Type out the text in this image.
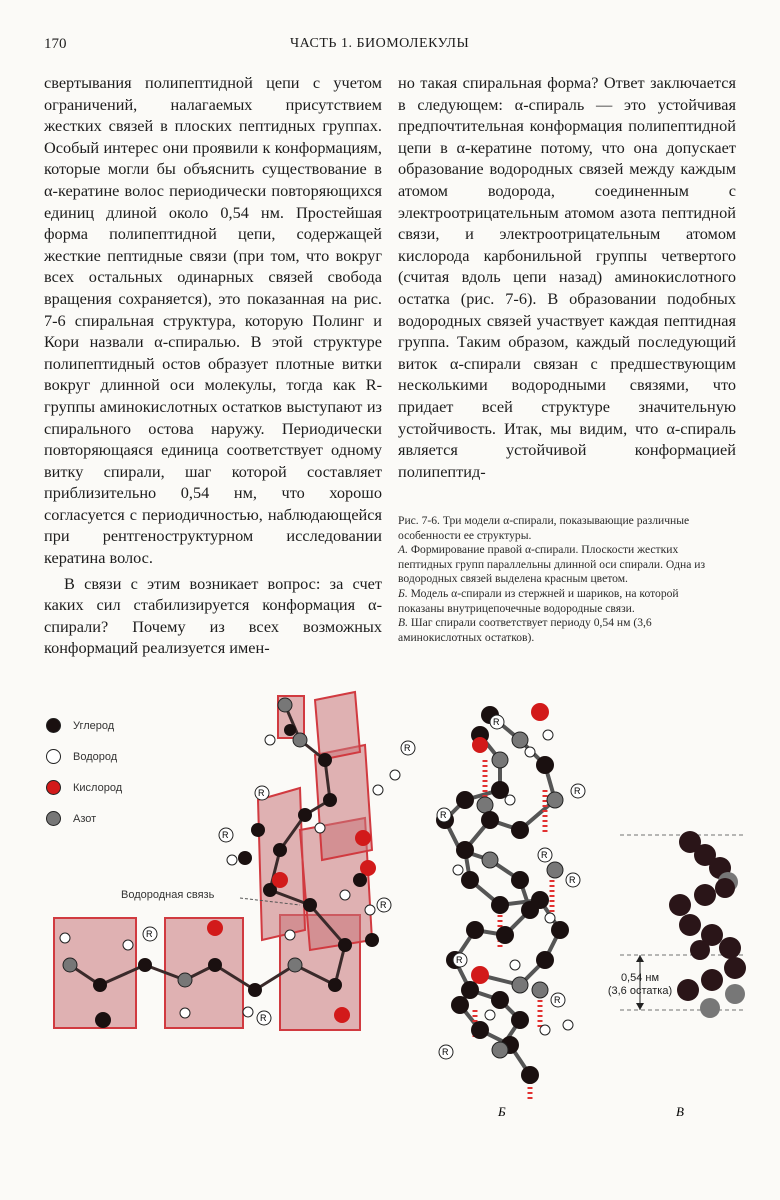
170	ЧАСТЬ 1. БИОМОЛЕКУЛЫ

свертывания полипептидной цепи с учетом ограничений, налагаемых присутствием жестких связей в плоских пептидных группах. Особый интерес они проявили к конформациям, которые могли бы объяснить существование в α-кератине волос периодически повторяющихся единиц длиной около 0,54 нм. Простейшая форма полипептидной цепи, содержащей жесткие пептидные связи (при том, что вокруг всех остальных одинарных связей свобода вращения сохраняется), это показанная на рис. 7-6 спиральная структура, которую Полинг и Кори назвали α-спиралью. В этой структуре полипептидный остов образует плотные витки вокруг длинной оси молекулы, тогда как R-группы аминокислотных остатков выступают из спирального остова наружу. Периодически повторяющаяся единица соответствует одному витку спирали, шаг которой составляет приблизительно 0,54 нм, что хорошо согласуется с периодичностью, наблюдающейся при рентгеноструктурном исследовании кератина волос.

В связи с этим возникает вопрос: за счет каких сил стабилизируется конформация α-спирали? Почему из всех возможных конформаций реализуется имен-

но такая спиральная форма? Ответ заключается в следующем: α-спираль — это устойчивая предпочтительная конформация полипептидной цепи в α-кератине потому, что она допускает образование водородных связей между каждым атомом водорода, соединенным с электроотрицательным атомом азота пептидной связи, и электроотрицательным атомом кислорода карбонильной группы четвертого (считая вдоль цепи назад) аминокислотного остатка (рис. 7-6). В образовании подобных водородных связей участвует каждая пептидная группа. Таким образом, каждый последующий виток α-спирали связан с предшествующим несколькими водородными связями, что придает всей структуре значительную устойчивость. Итак, мы видим, что α-спираль является устойчивой конформацией полипептид-

Рис. 7-6. Три модели α-спирали, показывающие различные особенности ее структуры.

А. Формирование правой α-спирали. Плоскости жестких пептидных групп параллельны длинной оси спирали. Одна из водородных связей выделена красным цветом.

Б. Модель α-спирали из стержней и шариков, на которой показаны внутрицепочечные водородные связи.

В. Шаг спирали соответствует периоду 0,54 нм (3,6 аминокислотных остатков).

R
R
R
R
R
R
R
R
R
R
R
R
R
R
Б	В
Углерод
Водород
Кислород
Азот
Водородная связь
0,54 нм
(3,6 остатка)
